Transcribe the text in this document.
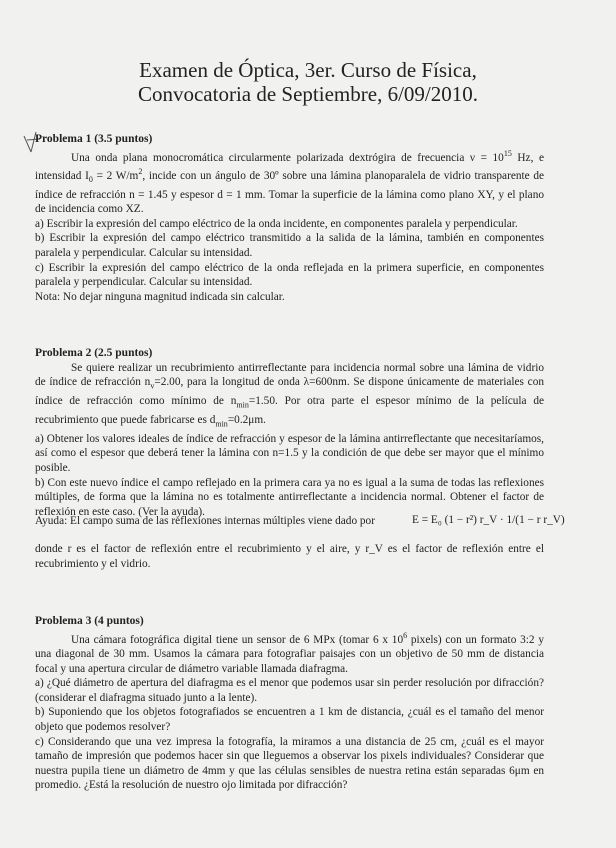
Examen de Óptica, 3er. Curso de Física,
Convocatoria de Septiembre, 6/09/2010.

Problema 1 (3.5 puntos)

Una onda plana monocromática circularmente polarizada dextrógira de frecuencia $\nu = 10^{15}$ Hz, e intensidad $I_0 = 2$ $W/m^2$, incide con un ángulo de 30º sobre una lámina planoparalela de vidrio transparente de índice de refracción n = 1.45 y espesor d = 1 mm. Tomar la superficie de la lámina como plano XY, y el plano de incidencia como XZ.

a) Escribir la expresión del campo eléctrico de la onda incidente, en componentes paralela y perpendicular.

b) Escribir la expresión del campo eléctrico transmitido a la salida de la lámina, también en componentes paralela y perpendicular. Calcular su intensidad.

c) Escribir la expresión del campo eléctrico de la onda reflejada en la primera superficie, en componentes paralela y perpendicular. Calcular su intensidad.

Nota: No dejar ninguna magnitud indicada sin calcular.

Problema 2 (2.5 puntos)

Se quiere realizar un recubrimiento antirreflectante para incidencia normal sobre una lámina de vidrio de índice de refracción $n_v=2.00$, para la longitud de onda λ=600nm. Se dispone únicamente de materiales con índice de refracción como mínimo de $n_{min}=1.50$. Por otra parte el espesor mínimo de la película de recubrimiento que puede fabricarse es $d_{min}=0.2\mu m$.

a) Obtener los valores ideales de índice de refracción y espesor de la lámina antirreflectante que necesitaríamos, así como el espesor que deberá tener la lámina con n=1.5 y la condición de que debe ser mayor que el mínimo posible.

b) Con este nuevo índice el campo reflejado en la primera cara ya no es igual a la suma de todas las reflexiones múltiples, de forma que la lámina no es totalmente antirreflectante a incidencia normal. Obtener el factor de reflexión en este caso. (Ver la ayuda).

Ayuda: El campo suma de las reflexiones internas múltiples viene dado por	E = E₀ (1 − r²) r_V · 1/(1 − r r_V)

donde r es el factor de reflexión entre el recubrimiento y el aire, y r_V es el factor de reflexión entre el recubrimiento y el vidrio.

Problema 3 (4 puntos)

Una cámara fotográfica digital tiene un sensor de 6 MPx (tomar 6 x $10^6$ pixels) con un formato 3:2 y una diagonal de 30 mm. Usamos la cámara para fotografiar paisajes con un objetivo de 50 mm de distancia focal y una apertura circular de diámetro variable llamada diafragma.

a) ¿Qué diámetro de apertura del diafragma es el menor que podemos usar sin perder resolución por difracción? (considerar el diafragma situado junto a la lente).

b) Suponiendo que los objetos fotografiados se encuentren a 1 km de distancia, ¿cuál es el tamaño del menor objeto que podemos resolver?

c) Considerando que una vez impresa la fotografía, la miramos a una distancia de 25 cm, ¿cuál es el mayor tamaño de impresión que podemos hacer sin que lleguemos a observar los pixels individuales? Considerar que nuestra pupila tiene un diámetro de 4mm y que las células sensibles de nuestra retina están separadas 6μm en promedio. ¿Está la resolución de nuestro ojo limitada por difracción?
